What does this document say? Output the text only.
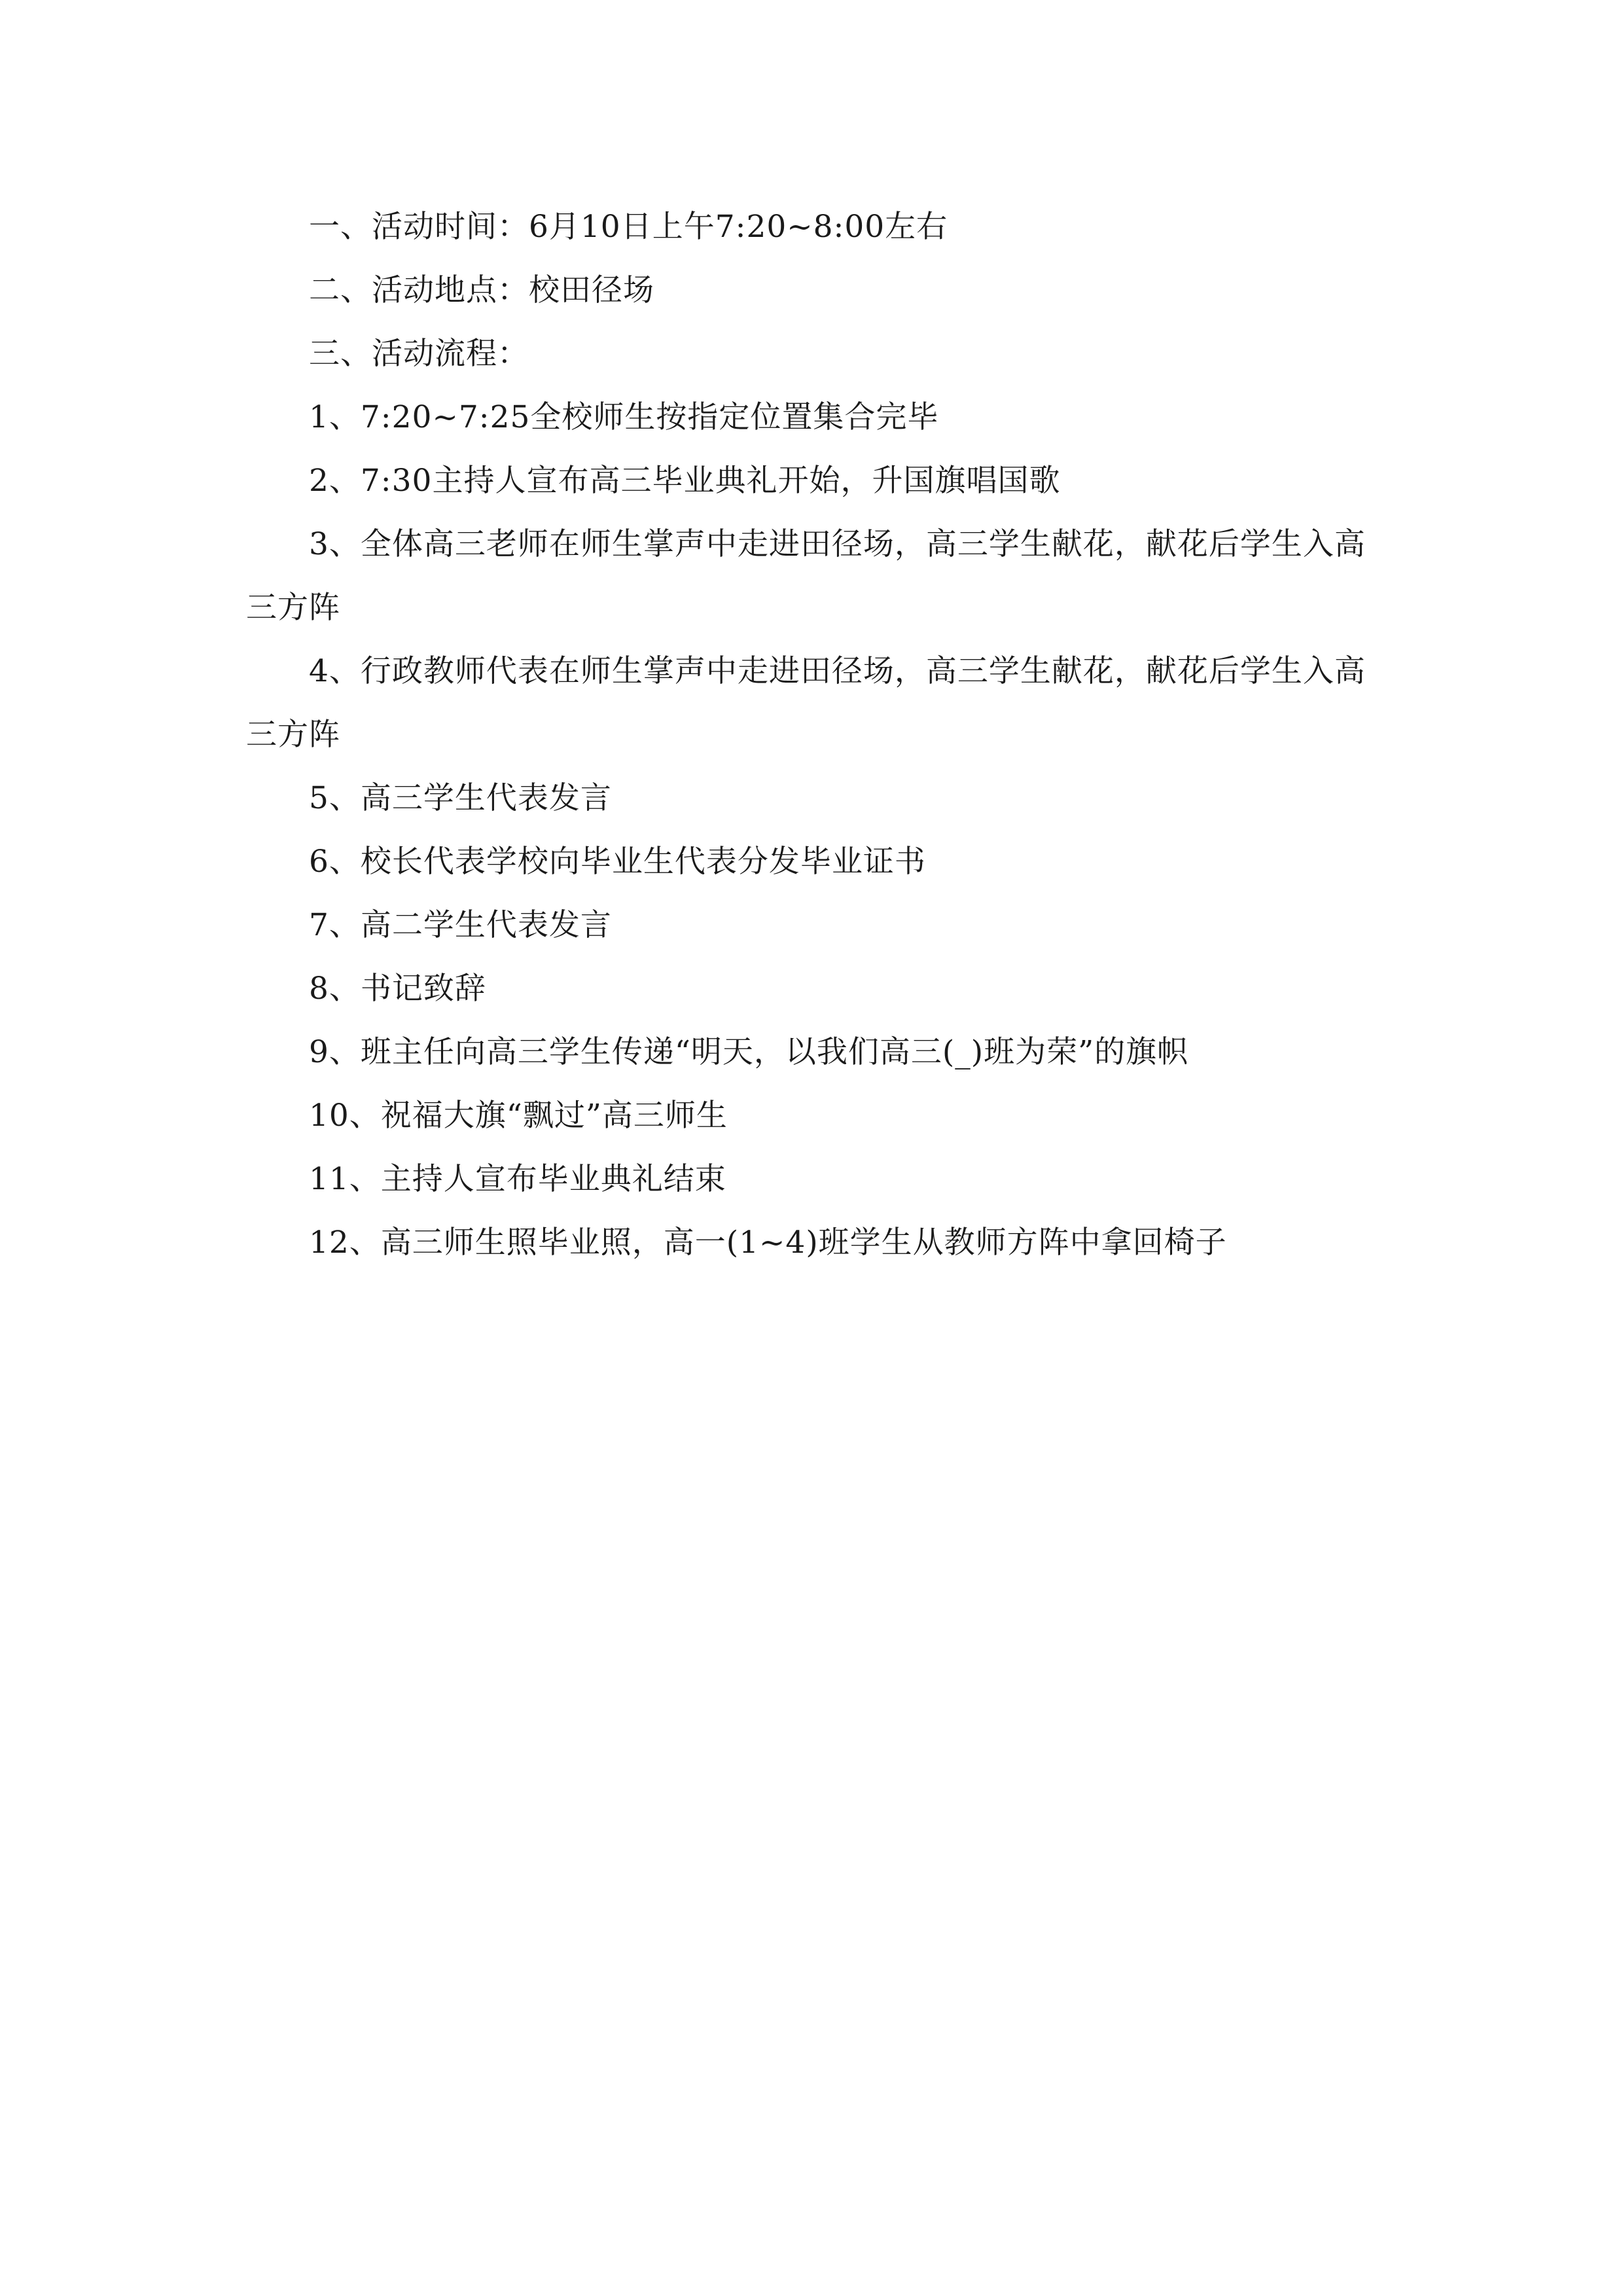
一、活动时间：6月10日上午7:20~8:00左右

二、活动地点：校田径场

三、活动流程：

1、7:20~7:25全校师生按指定位置集合完毕

2、7:30主持人宣布高三毕业典礼开始，升国旗唱国歌

3、全体高三老师在师生掌声中走进田径场，高三学生献花，献花后学生入高三方阵

4、行政教师代表在师生掌声中走进田径场，高三学生献花，献花后学生入高三方阵

5、高三学生代表发言

6、校长代表学校向毕业生代表分发毕业证书

7、高二学生代表发言

8、书记致辞

9、班主任向高三学生传递“明天，以我们高三(_)班为荣”的旗帜

10、祝福大旗“飘过”高三师生

11、主持人宣布毕业典礼结束

12、高三师生照毕业照，高一(1~4)班学生从教师方阵中拿回椅子
